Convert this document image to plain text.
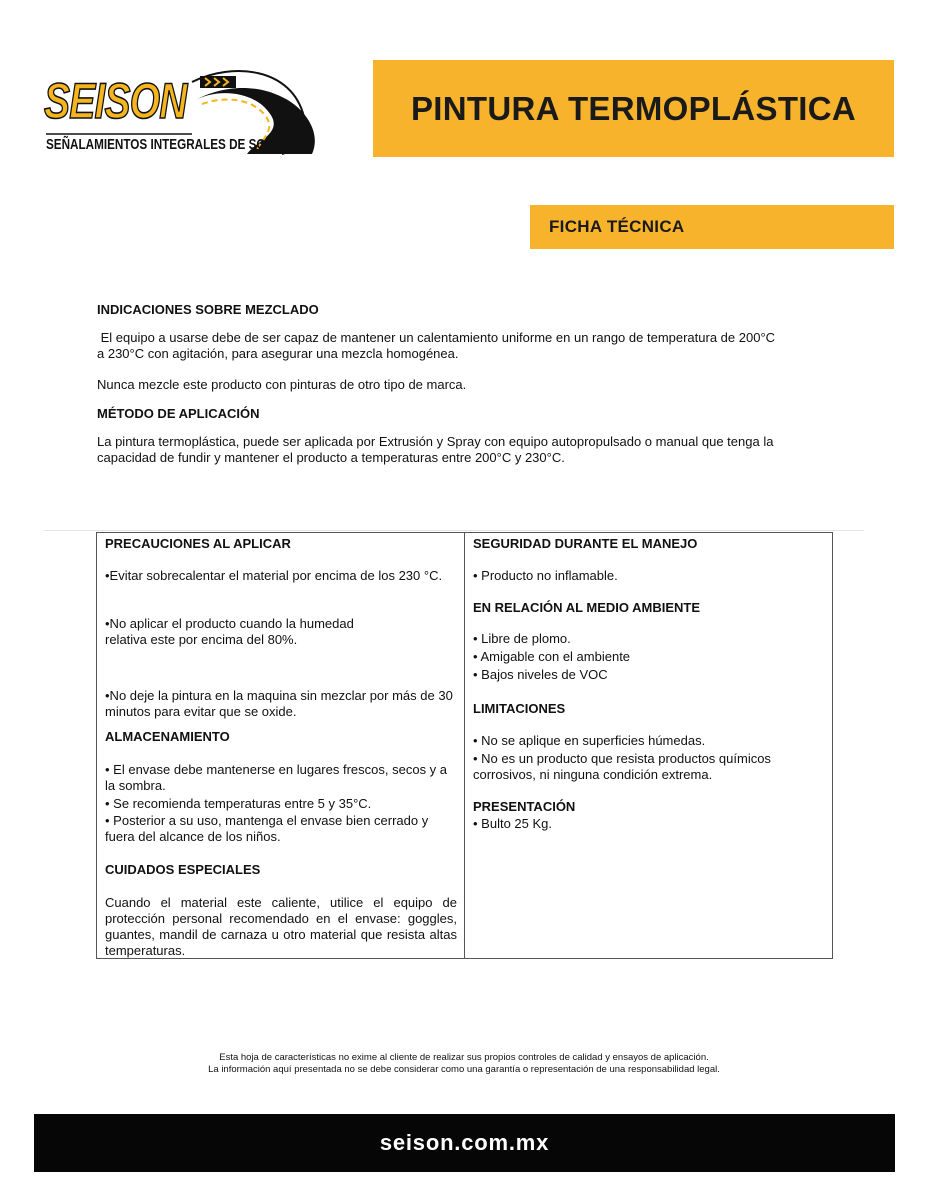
SEISON
SEÑALAMIENTOS INTEGRALES DE SONORA
PINTURA TERMOPLÁSTICA
FICHA TÉCNICA
INDICACIONES SOBRE MEZCLADO
El equipo a usarse debe de ser capaz de mantener un calentamiento uniforme en un rango de temperatura de 200°C
a 230°C con agitación, para asegurar una mezcla homogénea.
Nunca mezcle este producto con pinturas de otro tipo de marca.
MÉTODO DE APLICACIÓN
La pintura termoplástica, puede ser aplicada por Extrusión y Spray con equipo autopropulsado o manual que tenga la
capacidad de fundir y mantener el producto a temperaturas entre 200°C y 230°C.
PRECAUCIONES AL APLICAR
•Evitar sobrecalentar el material por encima de los 230 °C.
•No aplicar el producto cuando la humedad
relativa este por encima del 80%.
•No deje la pintura en la maquina sin mezclar por más de 30 minutos para evitar que se oxide.
ALMACENAMIENTO
• El envase debe mantenerse en lugares frescos, secos y a la sombra.
• Se recomienda temperaturas entre 5 y 35°C.
• Posterior a su uso, mantenga el envase bien cerrado y fuera del alcance de los niños.
CUIDADOS ESPECIALES
Cuando el material este caliente, utilice el equipo de protección personal recomendado en el envase: goggles, guantes, mandil de carnaza u otro material que resista altas temperaturas.
SEGURIDAD DURANTE EL MANEJO
• Producto no inflamable.
EN RELACIÓN AL MEDIO AMBIENTE
• Libre de plomo.
• Amigable con el ambiente
• Bajos niveles de VOC
LIMITACIONES
• No se aplique en superficies húmedas.
• No es un producto que resista productos químicos corrosivos, ni ninguna condición extrema.
PRESENTACIÓN
• Bulto 25 Kg.
Esta hoja de características no exime al cliente de realizar sus propios controles de calidad y ensayos de aplicación.
La información aquí presentada no se debe considerar como una garantía o representación de una responsabilidad legal.
seison.com.mx
